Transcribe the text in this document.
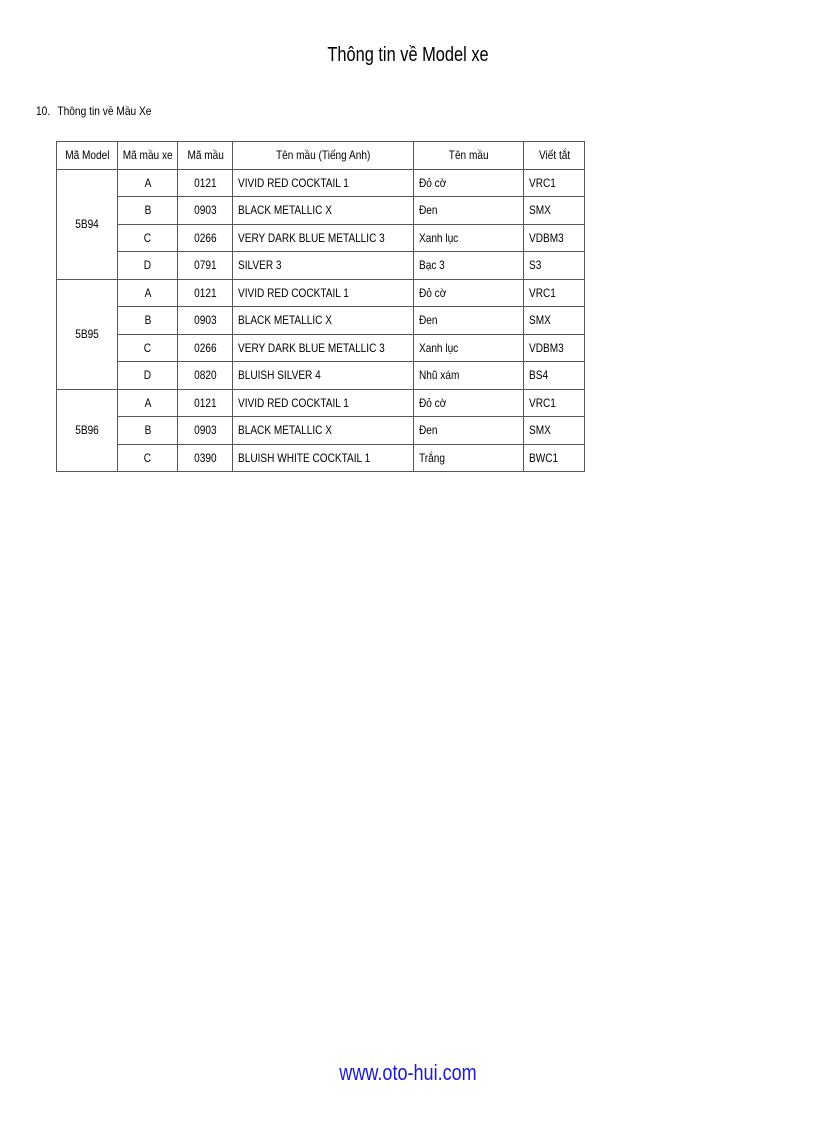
Thông tin về Model xe
10. Thông tin về Mầu Xe
Mã Model	Mã mầu xe	Mã mầu	Tên mầu (Tiếng Anh)	Tên mầu	Viết tắt
5B94	A	0121	VIVID RED COCKTAIL 1	Đỏ cờ	VRC1
	B	0903	BLACK METALLIC X	Đen	SMX
	C	0266	VERY DARK BLUE METALLIC 3	Xanh lục	VDBM3
	D	0791	SILVER 3	Bạc 3	S3
5B95	A	0121	VIVID RED COCKTAIL 1	Đỏ cờ	VRC1
	B	0903	BLACK METALLIC X	Đen	SMX
	C	0266	VERY DARK BLUE METALLIC 3	Xanh lục	VDBM3
	D	0820	BLUISH SILVER 4	Nhũ xám	BS4
5B96	A	0121	VIVID RED COCKTAIL 1	Đỏ cờ	VRC1
	B	0903	BLACK METALLIC X	Đen	SMX
	C	0390	BLUISH WHITE COCKTAIL 1	Trắng	BWC1
www.oto-hui.com
